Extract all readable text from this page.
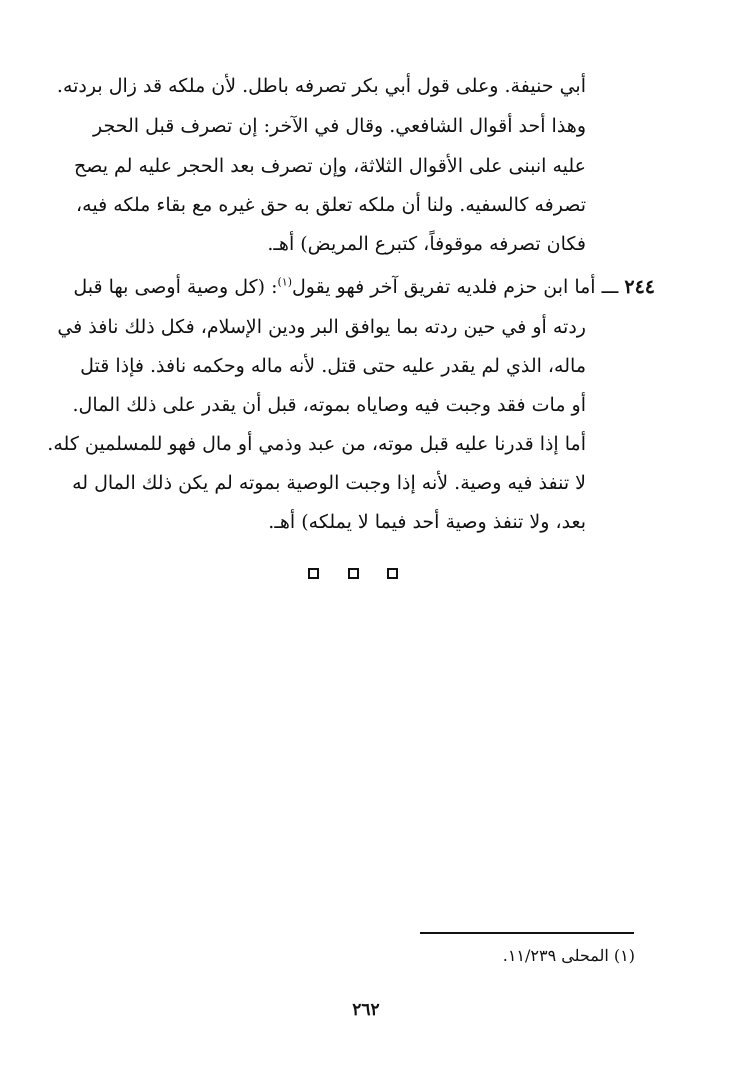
أبي حنيفة. وعلى قول أبي بكر تصرفه باطل. لأن ملكه قد زال بردته.
وهذا أحد أقوال الشافعي. وقال في الآخر: إن تصرف قبل الحجر
عليه انبنى على الأقوال الثلاثة، وإن تصرف بعد الحجر عليه لم يصح
تصرفه كالسفيه. ولنا أن ملكه تعلق به حق غيره مع بقاء ملكه فيه،
فكان تصرفه موقوفاً، كتبرع المريض) أهـ.
٢٤٤ ـــ أما ابن حزم فلديه تفريق آخر فهو يقول$^{(١)}$: (كل وصية أوصى بها قبل
ردته أو في حين ردته بما يوافق البر ودين الإسلام، فكل ذلك نافذ في
ماله، الذي لم يقدر عليه حتى قتل. لأنه ماله وحكمه نافذ. فإذا قتل
أو مات فقد وجبت فيه وصاياه بموته، قبل أن يقدر على ذلك المال.
أما إذا قدرنا عليه قبل موته، من عبد وذمي أو مال فهو للمسلمين كله.
لا تنفذ فيه وصية. لأنه إذا وجبت الوصية بموته لم يكن ذلك المال له
بعد، ولا تنفذ وصية أحد فيما لا يملكه) أهـ.
(١) المحلى ١١/٢٣٩.
٢٦٢
